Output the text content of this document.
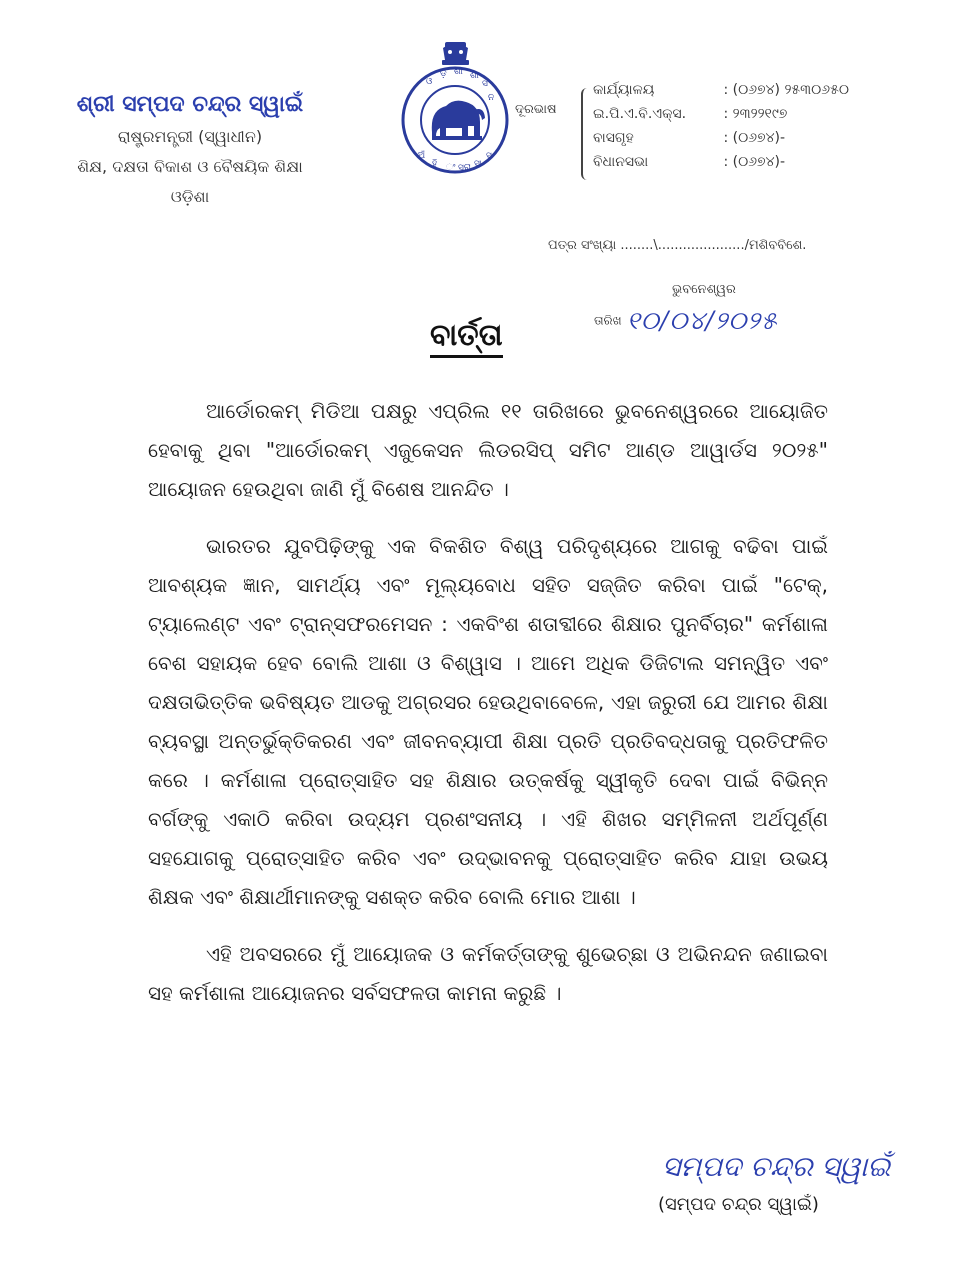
ଶ୍ରୀ ସମ୍ପଦ ଚନ୍ଦ୍ର ସ୍ୱାଇଁ
ରାଷ୍ଟ୍ରମନ୍ତ୍ରୀ (ସ୍ୱାଧୀନ)
ଶିକ୍ଷ, ଦକ୍ଷତା ବିକାଶ ଓ ବୈଷୟିକ ଶିକ୍ଷା
ଓଡ଼ିଶା
ଓ
ଡ଼ି ଶା ଶା
ସ
ନ
ଅଁ
ହି ଂ ସ୍ରା ସା
ସ
ଦୂରଭାଷ
କାର୍ଯ୍ୟାଳୟ	: (୦୬୭୪) ୨୫୩୦୬୫୦
ଇ.ପି.ଏ.ବି.ଏକ୍ସ.	: ୨୩୨୨୧୯୭
ବାସଗୃହ	: (୦୬୭୪)-
ବିଧାନସଭା	: (୦୬୭୪)-
ପତ୍ର ସଂଖ୍ୟା ........\...................../ମଶିବବିଶେ.
ଭୁବନେଶ୍ୱର
ତାରିଖ ୧୦/୦୪/୨୦୨୫
ବାର୍ତ୍ତା

ଆର୍ଡୋରକମ୍ ମିଡିଆ ପକ୍ଷରୁ ଏପ୍ରିଲ ୧୧ ତାରିଖରେ ଭୁବନେଶ୍ୱରରେ ଆୟୋଜିତ ହେବାକୁ ଥିବା "ଆର୍ଡୋରକମ୍ ଏଜୁକେସନ ଲିଡରସିପ୍ ସମିଟ ଆଣ୍ଡ ଆୱାର୍ଡସ ୨୦୨୫" ଆୟୋଜନ ହେଉଥିବା ଜାଣି ମୁଁ ବିଶେଷ ଆନନ୍ଦିତ ।

ଭାରତର ଯୁବପିଢ଼ିଙ୍କୁ ଏକ ବିକଶିତ ବିଶ୍ୱ ପରିଦୃଶ୍ୟରେ ଆଗକୁ ବଢିବା ପାଇଁ ଆବଶ୍ୟକ ଜ୍ଞାନ, ସାମର୍ଥ୍ୟ ଏବଂ ମୂଲ୍ୟବୋଧ ସହିତ ସଜ୍ଜିତ କରିବା ପାଇଁ "ଟେକ୍, ଟ୍ୟାଲେଣ୍ଟ ଏବଂ ଟ୍ରାନ୍ସଫରମେସନ : ଏକବିଂଶ ଶତାବ୍ଦୀରେ ଶିକ୍ଷାର ପୁନର୍ବିଚାର" କର୍ମଶାଳା ବେଶ ସହାୟକ ହେବ ବୋଲି ଆଶା ଓ ବିଶ୍ୱାସ । ଆମେ ଅଧିକ ଡିଜିଟାଲ ସମନ୍ୱିତ ଏବଂ ଦକ୍ଷତାଭିତ୍ତିକ ଭବିଷ୍ୟତ ଆଡକୁ ଅଗ୍ରସର ହେଉଥିବାବେଳେ, ଏହା ଜରୁରୀ ଯେ ଆମର ଶିକ୍ଷା ବ୍ୟବସ୍ଥା ଅନ୍ତର୍ଭୁକ୍ତିକରଣ ଏବଂ ଜୀବନବ୍ୟାପୀ ଶିକ୍ଷା ପ୍ରତି ପ୍ରତିବଦ୍ଧତାକୁ ପ୍ରତିଫଳିତ କରେ । କର୍ମଶାଳା ପ୍ରୋତ୍ସାହିତ ସହ ଶିକ୍ଷାର ଉତ୍କର୍ଷକୁ ସ୍ୱୀକୃତି ଦେବା ପାଇଁ ବିଭିନ୍ନ ବର୍ଗଙ୍କୁ ଏକାଠି କରିବା ଉଦ୍ୟମ ପ୍ରଶଂସନୀୟ । ଏହି ଶିଖର ସମ୍ମିଳନୀ ଅର୍ଥପୂର୍ଣ୍ଣ ସହଯୋଗକୁ ପ୍ରୋତ୍ସାହିତ କରିବ ଏବଂ ଉଦ୍ଭାବନକୁ ପ୍ରୋତ୍ସାହିତ କରିବ ଯାହା ଉଭୟ ଶିକ୍ଷକ ଏବଂ ଶିକ୍ଷାର୍ଥୀମାନଙ୍କୁ ସଶକ୍ତ କରିବ ବୋଲି ମୋର ଆଶା ।

ଏହି ଅବସରରେ ମୁଁ ଆୟୋଜକ ଓ କର୍ମକର୍ତ୍ତାଙ୍କୁ ଶୁଭେଚ୍ଛା ଓ ଅଭିନନ୍ଦନ ଜଣାଇବା ସହ କର୍ମଶାଳା ଆୟୋଜନର ସର୍ବସଫଳତା କାମନା କରୁଛି ।

ସମ୍ପଦ ଚନ୍ଦ୍ର ସ୍ୱାଇଁ
(ସମ୍ପଦ ଚନ୍ଦ୍ର ସ୍ୱାଇଁ)
